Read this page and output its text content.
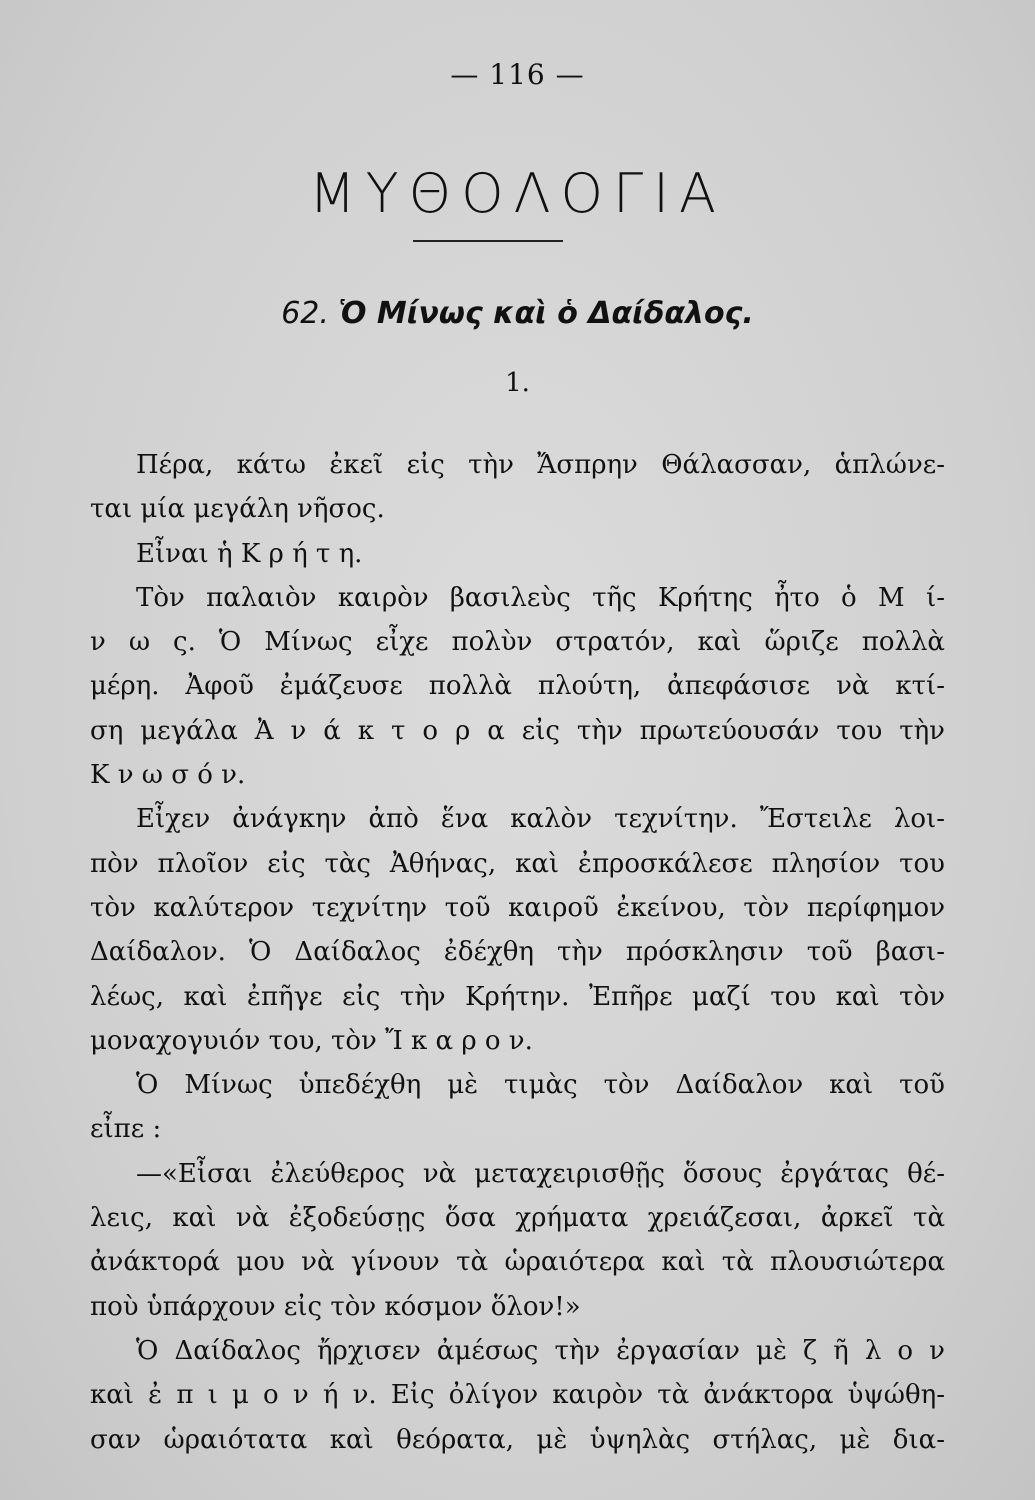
— 116 —
ΜΥΘΟΛΟΓΙΑ
62. Ὁ Μίνως καὶ ὁ Δαίδαλος.
1.
Πέρα, κάτω ἐκεῖ εἰς τὴν Ἄσπρην Θάλασσαν, ἁπλώνε-
ται μία μεγάλη νῆσος.
Εἶναι ἡ Κ ρ ή τ η.
Τὸν παλαιὸν καιρὸν βασιλεὺς τῆς Κρήτης ἦτο ὁ Μ ί-
ν ω ς. Ὁ Μίνως εἶχε πολὺν στρατόν, καὶ ὥριζε πολλὰ
μέρη. Ἀφοῦ ἐμάζευσε πολλὰ πλούτη, ἀπεφάσισε νὰ κτί-
ση μεγάλα Ἀ ν ά κ τ ο ρ α εἰς τὴν πρωτεύουσάν του τὴν
Κ ν ω σ ό ν.
Εἶχεν ἀνάγκην ἀπὸ ἕνα καλὸν τεχνίτην. Ἔστειλε λοι-
πὸν πλοῖον εἰς τὰς Ἀθήνας, καὶ ἐπροσκάλεσε πλησίον του
τὸν καλύτερον τεχνίτην τοῦ καιροῦ ἐκείνου, τὸν περίφημον
Δαίδαλον. Ὁ Δαίδαλος ἐδέχθη τὴν πρόσκλησιν τοῦ βασι-
λέως, καὶ ἐπῆγε εἰς τὴν Κρήτην. Ἐπῆρε μαζί του καὶ τὸν
μοναχογυιόν του, τὸν Ἴ κ α ρ ο ν.
Ὁ Μίνως ὑπεδέχθη μὲ τιμὰς τὸν Δαίδαλον καὶ τοῦ
εἶπε :
—«Εἶσαι ἐλεύθερος νὰ μεταχειρισθῇς ὅσους ἐργάτας θέ-
λεις, καὶ νὰ ἐξοδεύσῃς ὅσα χρήματα χρειάζεσαι, ἀρκεῖ τὰ
ἀνάκτορά μου νὰ γίνουν τὰ ὡραιότερα καὶ τὰ πλουσιώτερα
ποὺ ὑπάρχουν εἰς τὸν κόσμον ὅλον!»
Ὁ Δαίδαλος ἤρχισεν ἀμέσως τὴν ἐργασίαν μὲ ζ ῆ λ ο ν
καὶ ἐ π ι μ ο ν ή ν. Εἰς ὀλίγον καιρὸν τὰ ἀνάκτορα ὑψώθη-
σαν ὡραιότατα καὶ θεόρατα, μὲ ὑψηλὰς στήλας, μὲ δια-
